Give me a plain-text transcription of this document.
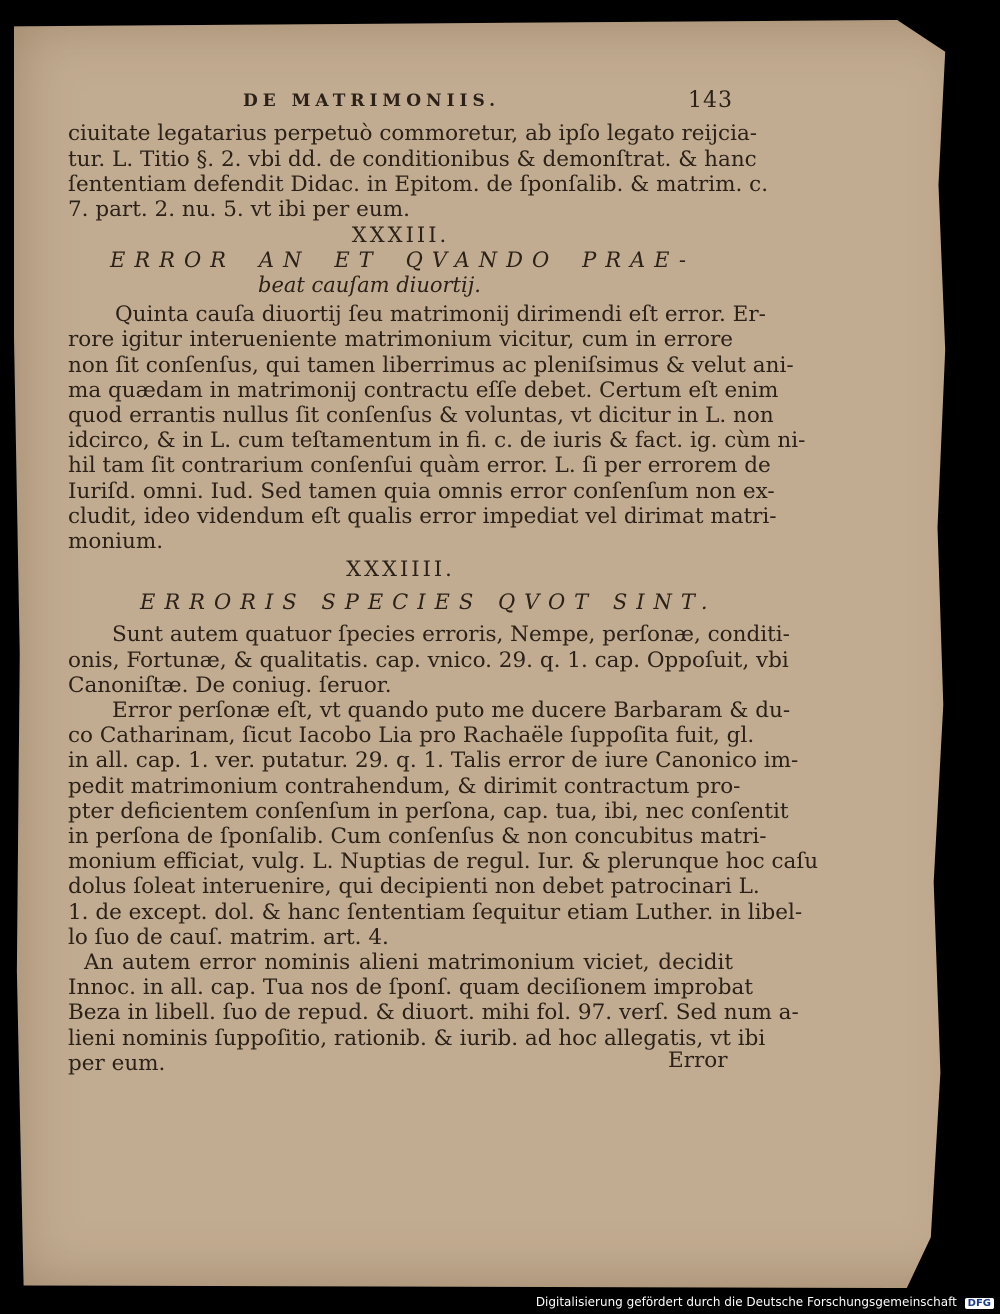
DE MATRIMONIIS.	143

ciuitate legatarius perpetuò commoretur, ab ipſo legato reijcia-

tur. L. Titio §. 2. vbi dd. de conditionibus & demonſtrat. & hanc

ſententiam defendit Didac. in Epitom. de ſponſalib. & matrim. c.

7. part. 2. nu. 5. vt ibi per eum.

XXXIII.

ERROR AN ET QVANDO PRAE-

beat cauſam diuortij.

Quinta cauſa diuortij ſeu matrimonij dirimendi eſt error. Er-

rore igitur interueniente matrimonium vicitur, cum in errore

non ſit conſenſus, qui tamen liberrimus ac pleniſsimus & velut ani-

ma quædam in matrimonij contractu eſſe debet. Certum eſt enim

quod errantis nullus ſit conſenſus & voluntas, vt dicitur in L. non

idcirco, & in L. cum teſtamentum in fi. c. de iuris & fact. ig. cùm ni-

hil tam ſit contrarium conſenſui quàm error. L. ſi per errorem de

Iuriſd. omni. Iud. Sed tamen quia omnis error conſenſum non ex-

cludit, ideo videndum eſt qualis error impediat vel dirimat matri-

monium.

XXXIIII.

ERRORIS SPECIES QVOT SINT.

Sunt autem quatuor ſpecies erroris, Nempe, perſonæ, conditi-

onis, Fortunæ, & qualitatis. cap. vnico. 29. q. 1. cap. Oppoſuit, vbi

Canoniſtæ. De coniug. ſeruor.

Error perſonæ eſt, vt quando puto me ducere Barbaram & du-

co Catharinam, ſicut Iacobo Lia pro Rachaële ſuppoſita fuit, gl.

in all. cap. 1. ver. putatur. 29. q. 1. Talis error de iure Canonico im-

pedit matrimonium contrahendum, & dirimit contractum pro-

pter deficientem conſenſum in perſona, cap. tua, ibi, nec conſentit

in perſona de ſponſalib. Cum conſenſus & non concubitus matri-

monium efficiat, vulg. L. Nuptias de regul. Iur. & plerunque hoc caſu

dolus ſoleat interuenire, qui decipienti non debet patrocinari L.

1. de except. dol. & hanc ſententiam ſequitur etiam Luther. in libel-

lo ſuo de cauſ. matrim. art. 4.

An autem error nominis alieni matrimonium viciet, decidit

Innoc. in all. cap. Tua nos de ſponſ. quam deciſionem improbat

Beza in libell. ſuo de repud. & diuort. mihi fol. 97. verſ. Sed num a-

lieni nominis ſuppoſitio, rationib. & iurib. ad hoc allegatis, vt ibi

per eum.	Error

Digitalisierung gefördert durch die Deutsche Forschungsgemeinschaft DFG
